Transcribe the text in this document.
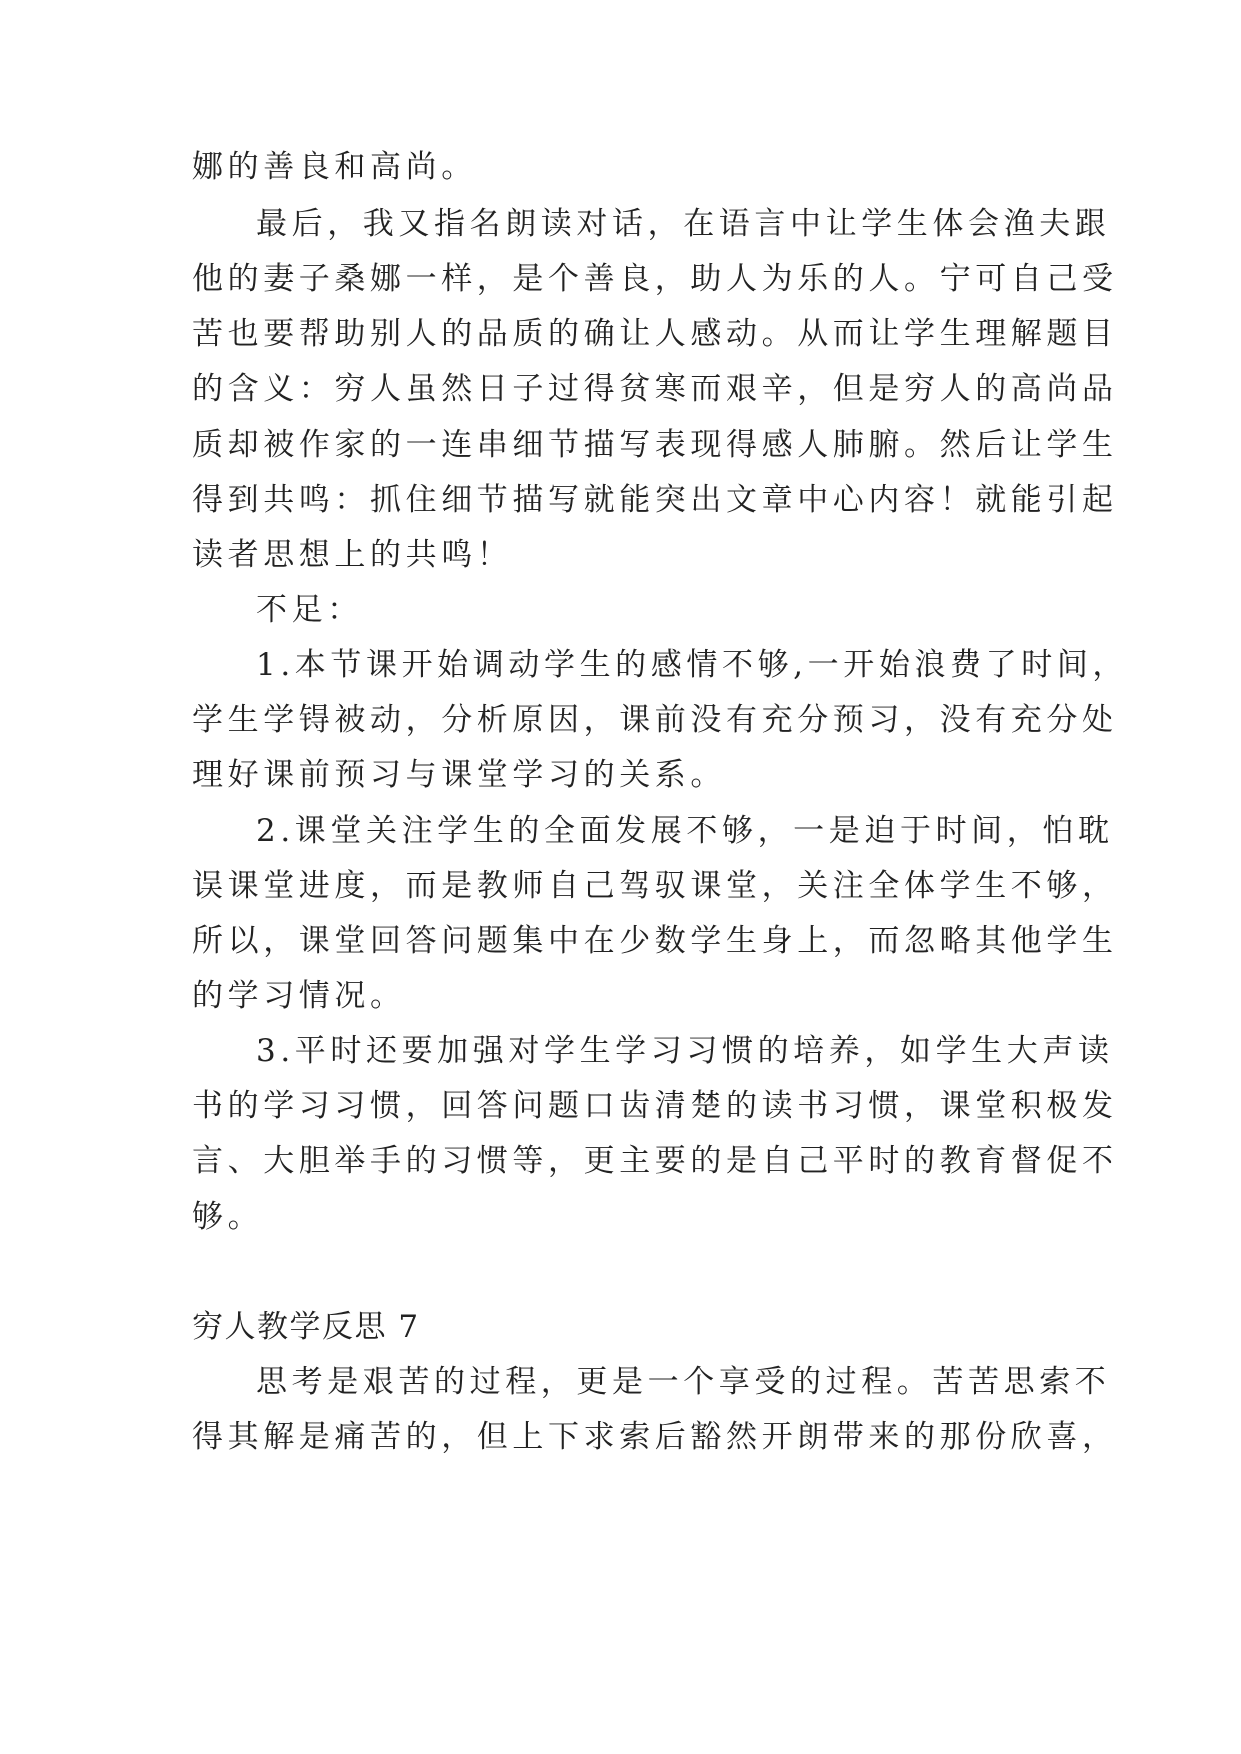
娜的善良和高尚。
最后，我又指名朗读对话，在语言中让学生体会渔夫跟
他的妻子桑娜一样，是个善良，助人为乐的人。宁可自己受
苦也要帮助别人的品质的确让人感动。从而让学生理解题目
的含义：穷人虽然日子过得贫寒而艰辛，但是穷人的高尚品
质却被作家的一连串细节描写表现得感人肺腑。然后让学生
得到共鸣：抓住细节描写就能突出文章中心内容！就能引起
读者思想上的共鸣！
不足：
1.本节课开始调动学生的感情不够,一开始浪费了时间，
学生学锝被动，分析原因，课前没有充分预习，没有充分处
理好课前预习与课堂学习的关系。
2.课堂关注学生的全面发展不够，一是迫于时间，怕耽
误课堂进度，而是教师自己驾驭课堂，关注全体学生不够，
所以，课堂回答问题集中在少数学生身上，而忽略其他学生
的学习情况。
3.平时还要加强对学生学习习惯的培养，如学生大声读
书的学习习惯，回答问题口齿清楚的读书习惯，课堂积极发
言、大胆举手的习惯等，更主要的是自己平时的教育督促不
够。
穷人教学反思 7
思考是艰苦的过程，更是一个享受的过程。苦苦思索不
得其解是痛苦的，但上下求索后豁然开朗带来的那份欣喜，
